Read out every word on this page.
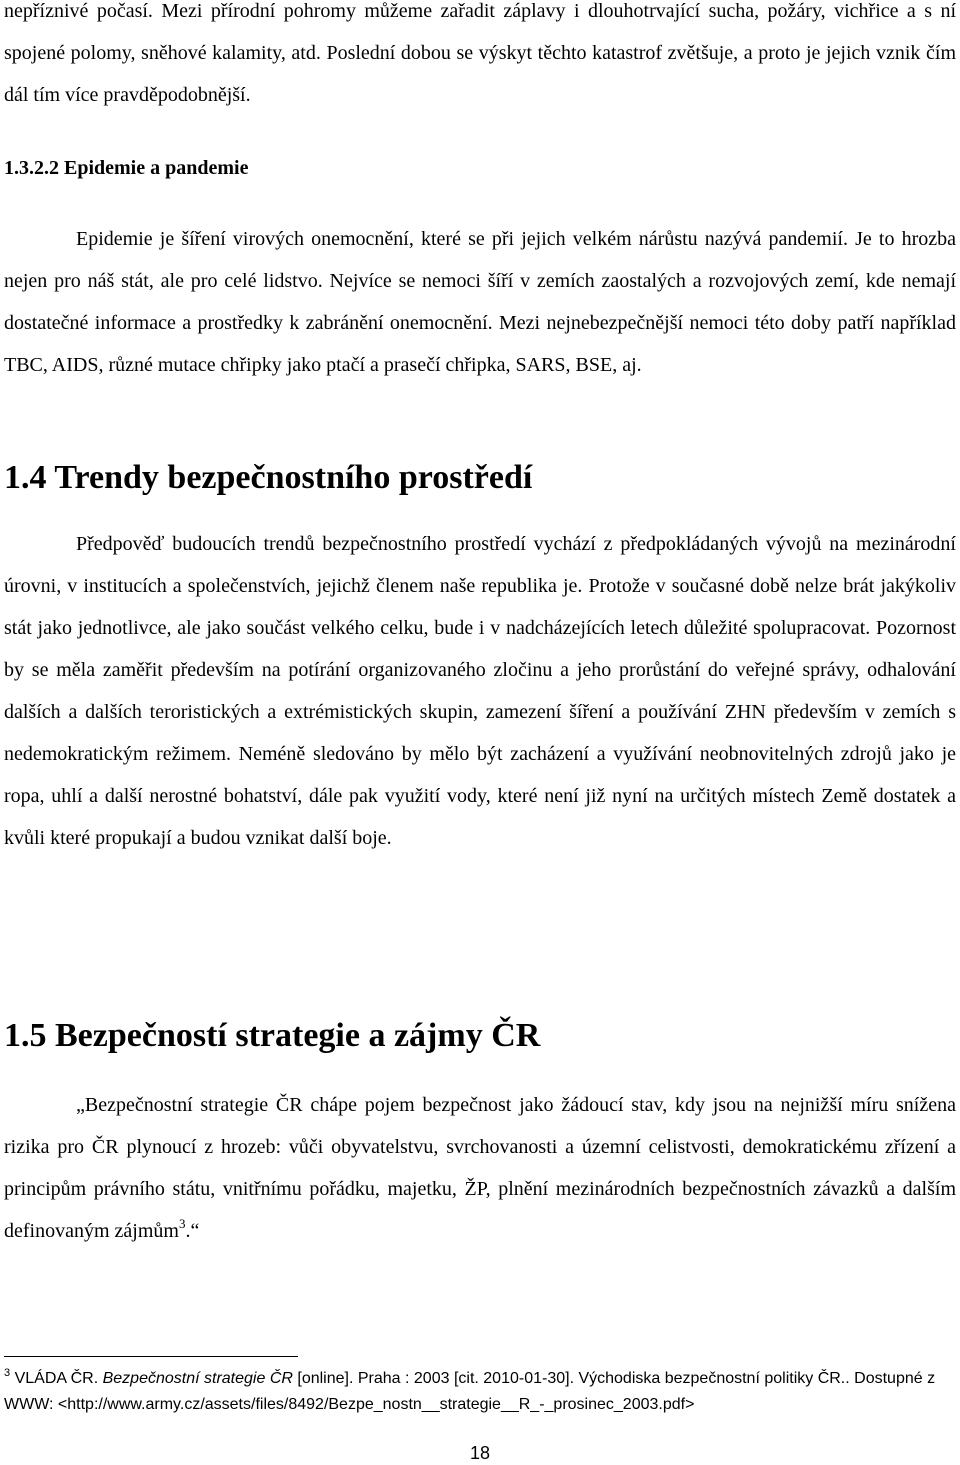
nepříznivé počasí. Mezi přírodní pohromy můžeme zařadit záplavy i dlouhotrvající sucha, požáry, vichřice a s ní spojené polomy, sněhové kalamity, atd. Poslední dobou se výskyt těchto katastrof zvětšuje, a proto je jejich vznik čím dál tím více pravděpodobnější.

1.3.2.2 Epidemie a pandemie

Epidemie je šíření virových onemocnění, které se při jejich velkém nárůstu nazývá pandemií. Je to hrozba nejen pro náš stát, ale pro celé lidstvo. Nejvíce se nemoci šíří v zemích zaostalých a rozvojových zemí, kde nemají dostatečné informace a prostředky k zabránění onemocnění. Mezi nejnebezpečnější nemoci této doby patří například TBC, AIDS, různé mutace chřipky jako ptačí a prasečí chřipka, SARS, BSE, aj.

1.4 Trendy bezpečnostního prostředí

Předpověď budoucích trendů bezpečnostního prostředí vychází z předpokládaných vývojů na mezinárodní úrovni, v institucích a společenstvích, jejichž členem naše republika je. Protože v současné době nelze brát jakýkoliv stát jako jednotlivce, ale jako součást velkého celku, bude i v nadcházejících letech důležité spolupracovat. Pozornost by se měla zaměřit především na potírání organizovaného zločinu a jeho prorůstání do veřejné správy, odhalování dalších a dalších teroristických a extrémistických skupin, zamezení šíření a používání ZHN především v zemích s nedemokratickým režimem. Neméně sledováno by mělo být zacházení a využívání neobnovitelných zdrojů jako je ropa, uhlí a další nerostné bohatství, dále pak využití vody, které není již nyní na určitých místech Země dostatek a kvůli které propukají a budou vznikat další boje.

1.5 Bezpečností strategie a zájmy ČR

„Bezpečnostní strategie ČR chápe pojem bezpečnost jako žádoucí stav, kdy jsou na nejnižší míru snížena rizika pro ČR plynoucí z hrozeb: vůči obyvatelstvu, svrchovanosti a územní celistvosti, demokratickému zřízení a principům právního státu, vnitřnímu pořádku, majetku, ŽP, plnění mezinárodních bezpečnostních závazků a dalším definovaným zájmům$^3$.“

$^3$ VLÁDA ČR. Bezpečnostní strategie ČR [online]. Praha : 2003 [cit. 2010-01-30]. Východiska bezpečnostní politiky ČR.. Dostupné z WWW: <http://www.army.cz/assets/files/8492/Bezpe_nostn__strategie__R_-_prosinec_2003.pdf>

18
